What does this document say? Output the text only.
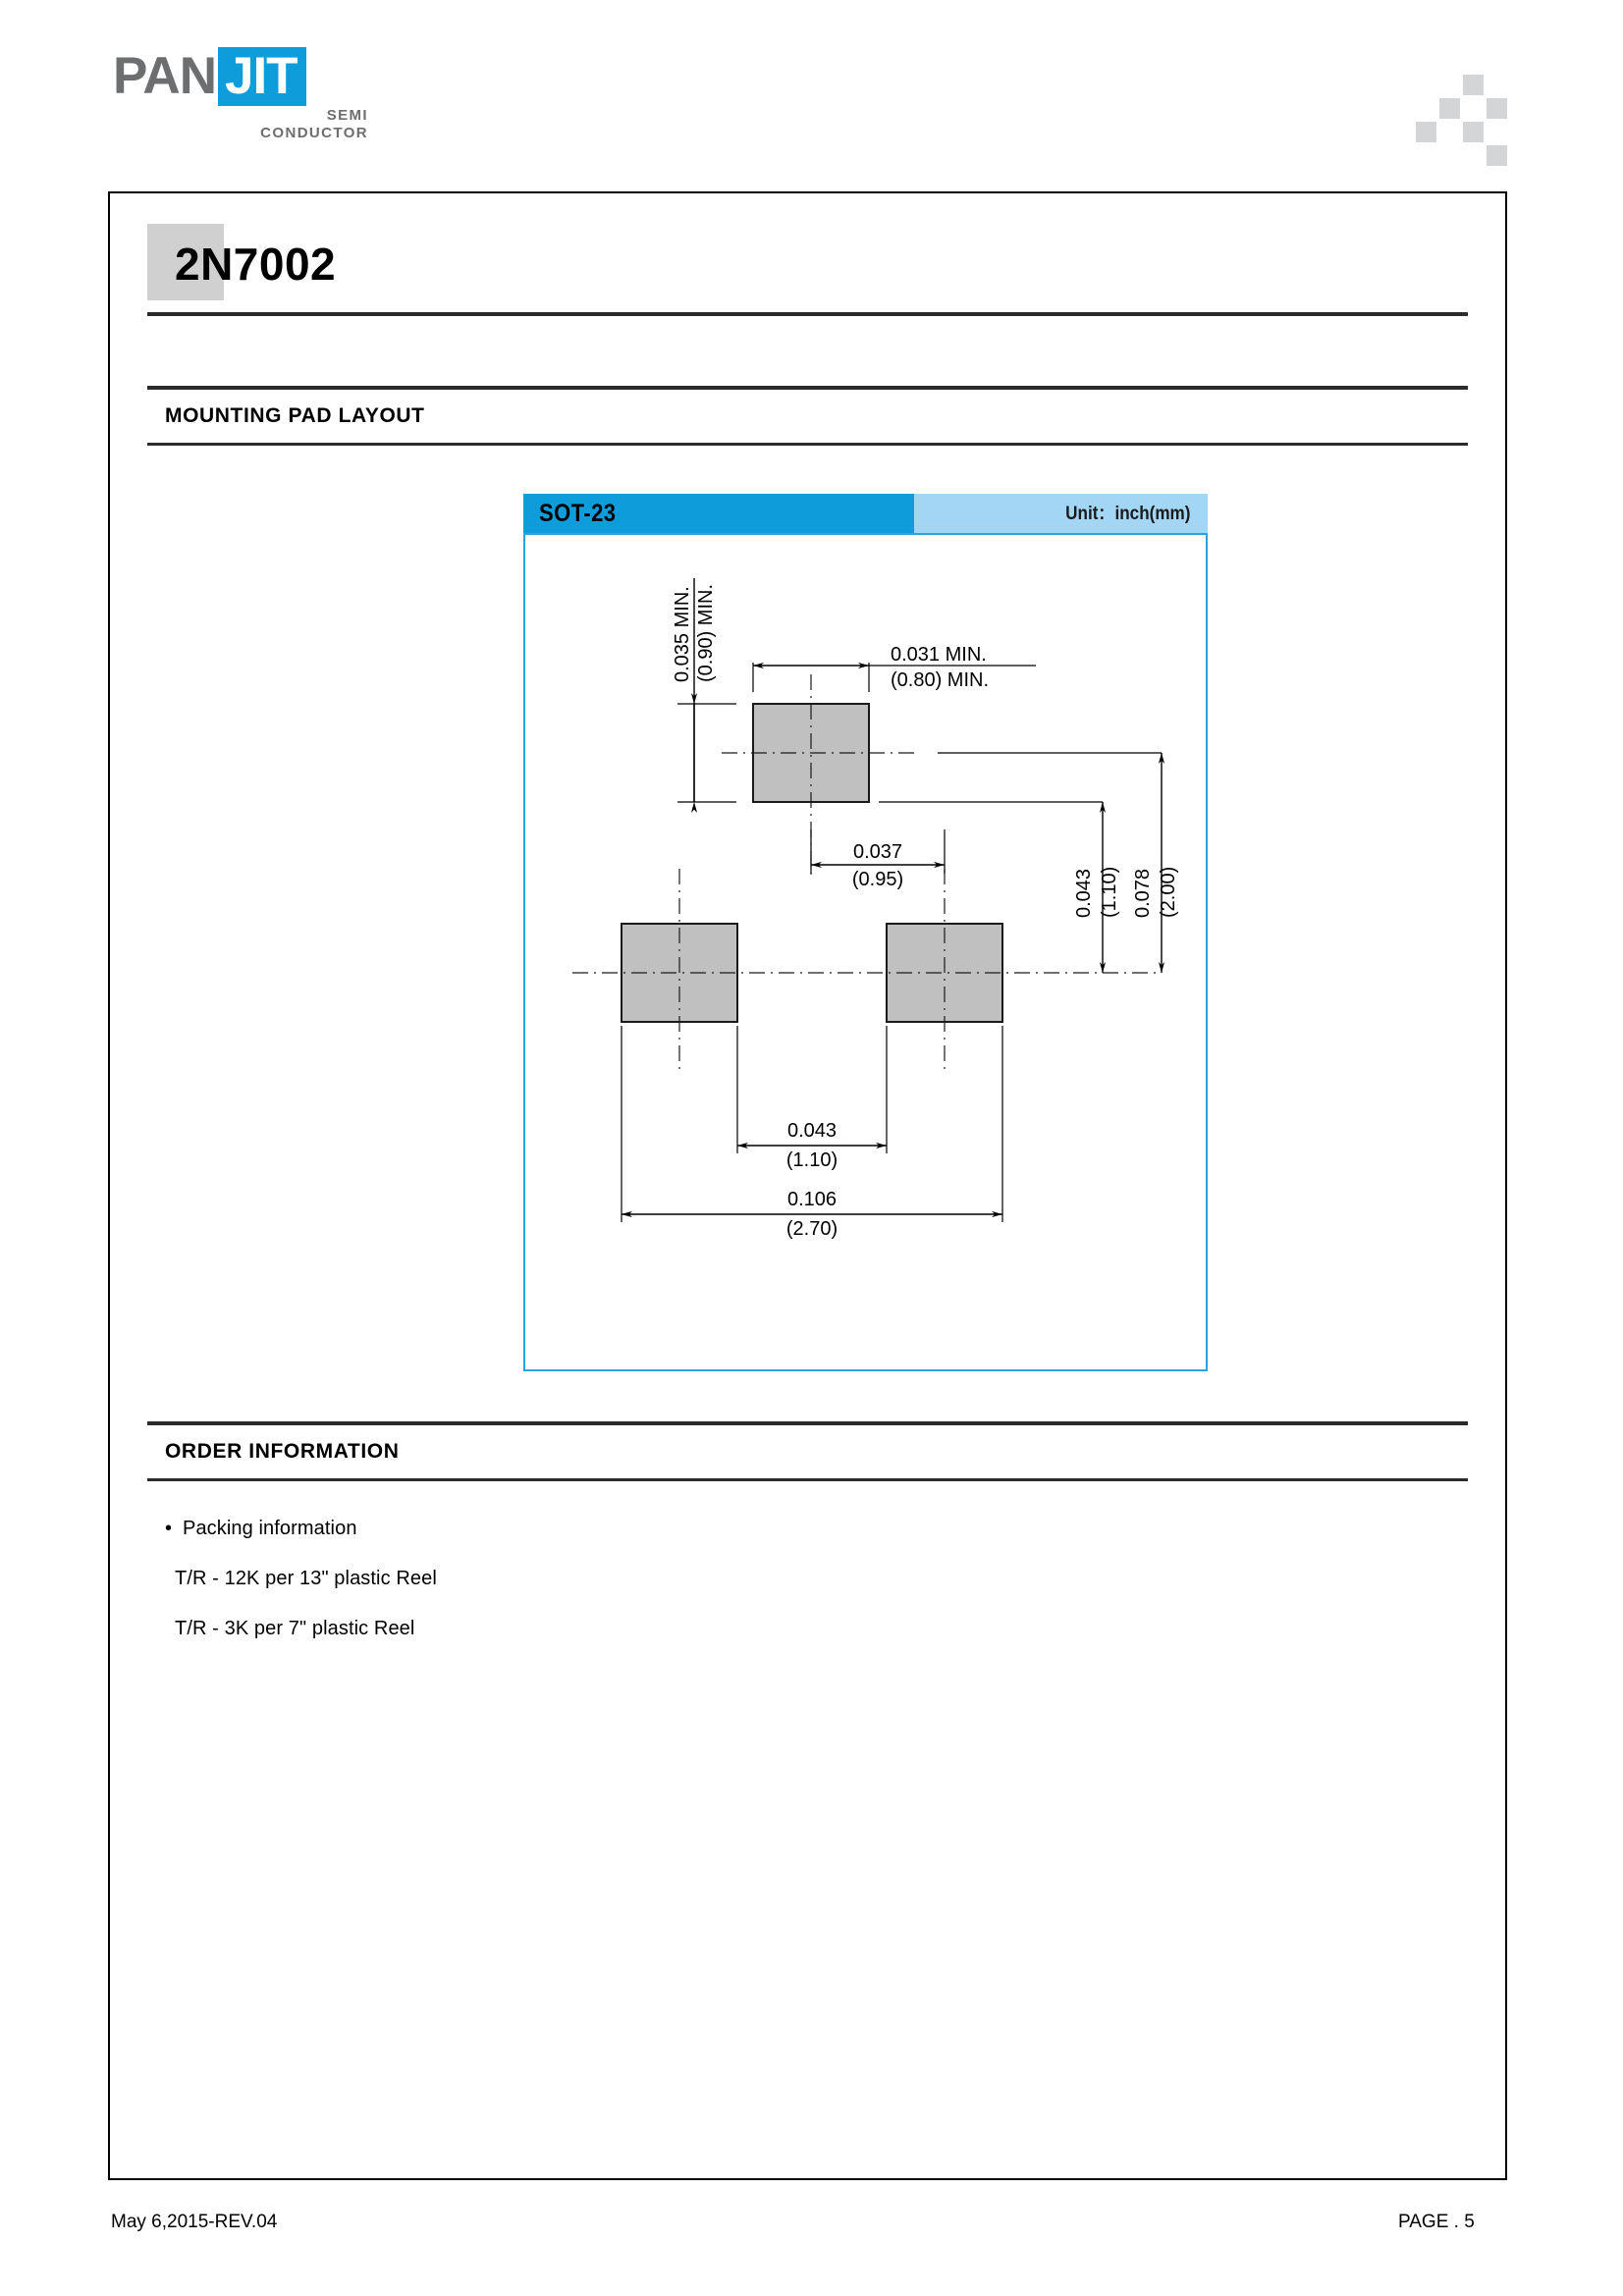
PAN JIT
SEMI
CONDUCTOR
2N7002
MOUNTING PAD LAYOUT
SOT-23	Unit：inch(mm)
0.035 MIN. (0.90) MIN.	0.031 MIN.
(0.80) MIN.
0.037
(0.95)	0.043 (1.10) 0.078 (2.00)
0.043
(1.10)
0.106
(2.70)
ORDER INFORMATION
• Packing information
T/R - 12K per 13" plastic Reel
T/R - 3K per 7" plastic Reel
May 6,2015-REV.04	PAGE . 5
